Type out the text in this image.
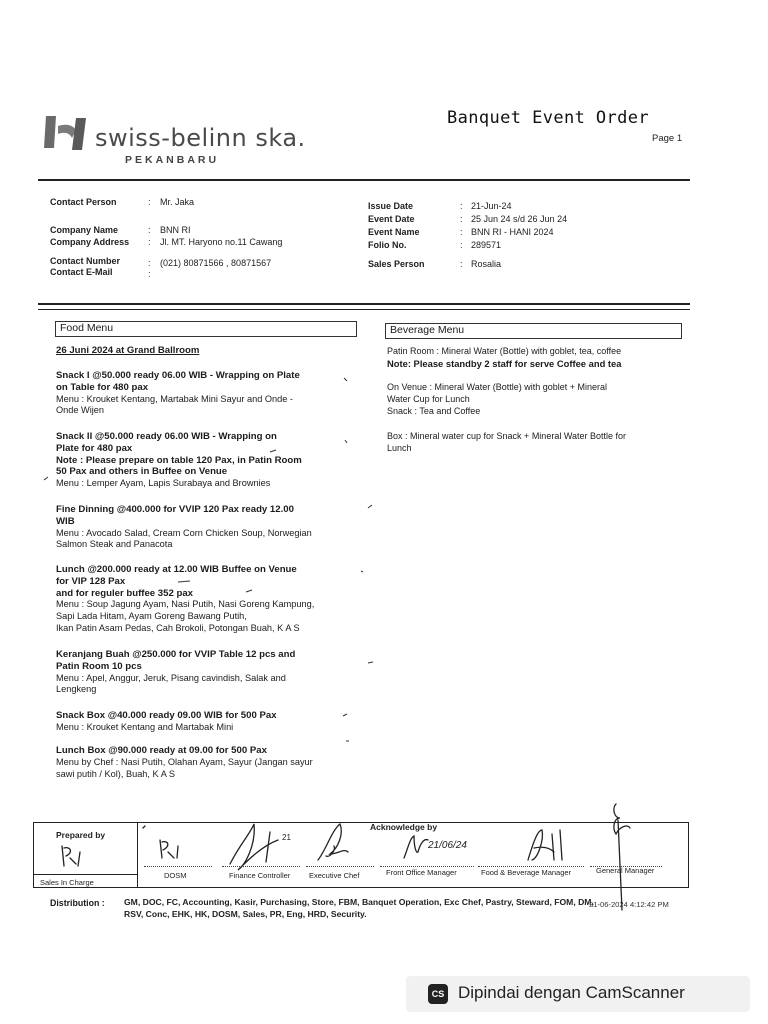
swiss-belinn ska.
PEKANBARU
Banquet Event Order
Page 1
Contact Person	: Mr. Jaka
Company Name	: BNN RI
Company Address : Jl. MT. Haryono no.11 Cawang
Contact Number	: (021) 80871566 , 80871567
Contact E-Mail	:
Issue Date	: 21-Jun-24
Event Date	: 25 Jun 24 s/d 26 Jun 24
Event Name	: BNN RI - HANI 2024
Folio No.	: 289571
Sales Person	: Rosalia
Food Menu	Beverage Menu
26 Juni 2024 at Grand Ballroom
Snack I @50.000 ready 06.00 WIB - Wrapping on Plate
on Table for 480 pax
Menu : Krouket Kentang, Martabak Mini Sayur and Onde -
Onde Wijen
Snack II @50.000 ready 06.00 WIB - Wrapping on
Plate for 480 pax
Note : Please prepare on table 120 Pax, in Patin Room
50 Pax and others in Buffee on Venue
Menu : Lemper Ayam, Lapis Surabaya and Brownies
Fine Dinning @400.000 for VVIP 120 Pax ready 12.00
WIB
Menu : Avocado Salad, Cream Corn Chicken Soup, Norwegian
Salmon Steak and Panacota
Lunch @200.000 ready at 12.00 WIB Buffee on Venue
for VIP 128 Pax
and for reguler buffee 352 pax
Menu : Soup Jagung Ayam, Nasi Putih, Nasi Goreng Kampung,
Sapi Lada Hitam, Ayam Goreng Bawang Putih,
Ikan Patin Asam Pedas, Cah Brokoli, Potongan Buah, K A S
Keranjang Buah @250.000 for VVIP Table 12 pcs and
Patin Room 10 pcs
Menu : Apel, Anggur, Jeruk, Pisang cavindish, Salak and
Lengkeng
Snack Box @40.000 ready 09.00 WIB for 500 Pax
Menu : Krouket Kentang and Martabak Mini
Lunch Box @90.000 ready at 09.00 for 500 Pax
Menu by Chef : Nasi Putih, Olahan Ayam, Sayur (Jangan sayur
sawi putih / Kol), Buah, K A S
Patin Room : Mineral Water (Bottle) with goblet, tea, coffee
Note: Please standby 2 staff for serve Coffee and tea
On Venue : Mineral Water (Bottle) with goblet + Mineral
Water Cup for Lunch
Snack : Tea and Coffee
Box : Mineral water cup for Snack + Mineral Water Bottle for
Lunch
Prepared by
Sales In Charge
Acknowledge by
DOSM	Finance Controller Executive Chef	Front Office Manager	Food & Beverage Manager	General Manager
21
21/06/24
Distribution : GM, DOC, FC, Accounting, Kasir, Purchasing, Store, FBM, Banquet Operation, Exc Chef, Pastry, Steward, FOM, DM, RSV, Conc, EHK, HK, DOSM, Sales, PR, Eng, HRD, Security.
21-06-2024 4:12:42 PM
CS Dipindai dengan CamScanner
